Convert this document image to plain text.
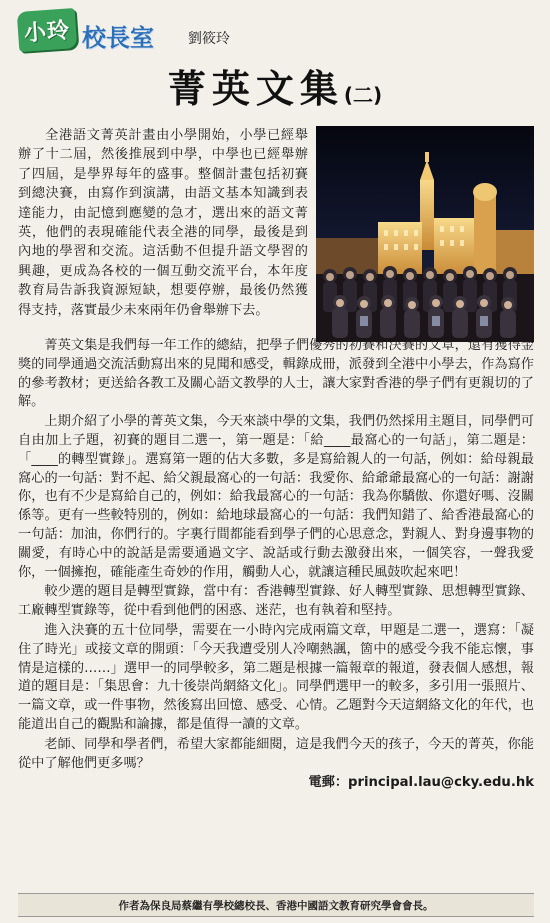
小玲 校長室 劉筱玲
菁英文集(二)

全港語文菁英計畫由小學開始，小學已經舉辦了十二屆，然後推展到中學，中學也已經舉辦了四屆，是學界每年的盛事。整個計畫包括初賽到總決賽，由寫作到演講，由語文基本知識到表達能力，由記憶到應變的急才，選出來的語文菁英，他們的表現確能代表全港的同學，最後是到內地的學習和交流。這活動不但提升語文學習的興趣，更成為各校的一個互動交流平台，本年度教育局告訴我資源短缺，想要停辦，最後仍然獲得支持，落實最少未來兩年仍會舉辦下去。

菁英文集是我們每一年工作的總結，把學子們優秀的初賽和決賽的文章，還有獲得金獎的同學通過交流活動寫出來的見聞和感受，輯錄成冊，派發到全港中小學去，作為寫作的參考教材；更送給各教工及關心語文教學的人士，讓大家對香港的學子們有更親切的了解。

上期介紹了小學的菁英文集，今天來談中學的文集，我們仍然採用主題目，同學們可自由加上子題，初賽的題目二選一，第一題是：「給____最窩心的一句話」，第二題是：「____的轉型實錄」。選寫第一題的佔大多數，多是寫給親人的一句話，例如：給母親最窩心的一句話：對不起、給父親最窩心的一句話：我愛你、給爺爺最窩心的一句話：謝謝你，也有不少是寫給自己的，例如：給我最窩心的一句話：我為你驕傲、你還好嗎、沒關係等。更有一些較特別的，例如：給地球最窩心的一句話：我們知錯了、給香港最窩心的一句話：加油，你們行的。字裏行間都能看到學子們的心思意念，對親人、對身邊事物的關愛，有時心中的說話是需要通過文字、說話或行動去激發出來，一個笑容，一聲我愛你，一個擁抱，確能產生奇妙的作用，觸動人心，就讓這種民風鼓吹起來吧！

較少選的題目是轉型實錄，當中有：香港轉型實錄、好人轉型實錄、思想轉型實錄、工廠轉型實錄等，從中看到他們的困惑、迷茫，也有執着和堅持。

進入決賽的五十位同學，需要在一小時內完成兩篇文章，甲題是二選一，選寫：「凝住了時光」或接文章的開頭：「今天我遭受別人冷嘲熱諷，箇中的感受今我不能忘懷，事情是這樣的……」選甲一的同學較多，第二題是根據一篇報章的報道，發表個人感想，報道的題目是：「集思會：九十後崇尚網絡文化」。同學們選甲一的較多，多引用一張照片、一篇文章，或一件事物，然後寫出回憶、感受、心情。乙題對今天這網絡文化的年代，也能道出自己的觀點和論據，都是值得一讀的文章。

老師、同學和學者們，希望大家都能細閱，這是我們今天的孩子，今天的菁英，你能從中了解他們更多嗎？

電郵：principal.lau@cky.edu.hk
作者為保良局蔡繼有學校總校長、香港中國語文教育研究學會會長。
